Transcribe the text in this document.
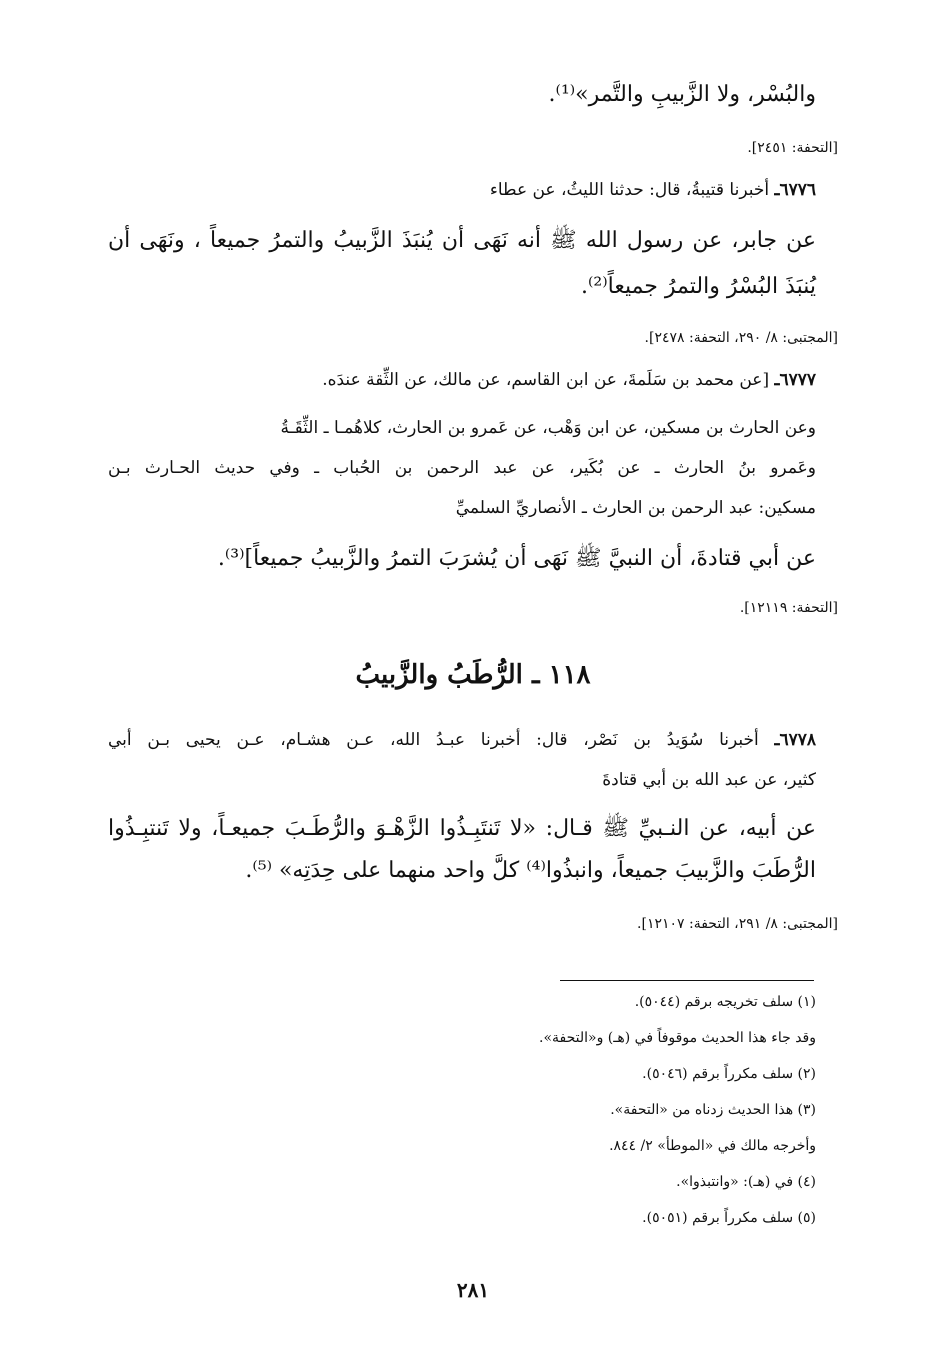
والبُسْر، ولا الزَّبيبِ والتَّمر»⁽¹⁾.
[التحفة: ٢٤٥١].
٦٧٧٦ـ أخبرنا قتيبةُ، قال: حدثنا الليثُ، عن عطاء
عن جابر، عن رسول الله ﷺ أنه نَهَى أن يُنبَذَ الزَّبيبُ والتمرُ جميعاً ، ونَهَى أن
يُنبَذَ البُسْرُ والتمرُ جميعاً⁽²⁾.
[المجتبى: ٨/ ٢٩٠، التحفة: ٢٤٧٨].
٦٧٧٧ـ [عن محمد بن سَلَمةَ، عن ابن القاسم، عن مالك، عن الثِّقة عندَه.
وعن الحارث بن مسكين، عن ابن وَهْب، عن عَمرو بن الحارث، كلاهُمـا ـ الثِّقَـةُ
وعَمرو بنُ الحارث ـ عن بُكَير، عن عبد الرحمن بن الحُباب ـ وفي حديث الحـارث بـن
مسكين: عبد الرحمن بن الحارث ـ الأنصاريِّ السلميِّ
عن أبي قتادةَ، أن النبيَّ ﷺ نَهَى أن يُشرَبَ التمرُ والزَّبيبُ جميعاً]⁽³⁾.
[التحفة: ١٢١١٩].
١١٨ ـ الرُّطَبُ والزَّبيبُ
٦٧٧٨ـ أخبرنا سُوَيدُ بن نَصْر، قال: أخبرنا عبـدُ الله، عـن هشـام، عـن يحيى بـن أبي
كثير، عن عبد الله بن أبي قتادةَ
عن أبيه، عن النـبيِّ ﷺ قـال: «لا تَنتَبِـذُوا الزَّهْـوَ والرُّطَـبَ جميعـاً، ولا تَنتبِـذُوا
الرُّطَبَ والزَّبيبَ جميعاً، وانبذُوا⁽⁴⁾ كلَّ واحد منهما على حِدَتِه» ⁽⁵⁾.
[المجتبى: ٨/ ٢٩١، التحفة: ١٢١٠٧].
(١) سلف تخريجه برقم (٥٠٤٤).
وقد جاء هذا الحديث موقوفاً في (هـ) و«التحفة».
(٢) سلف مكرراً برقم (٥٠٤٦).
(٣) هذا الحديث زدناه من «التحفة».
وأخرجه مالك في «الموطأ» ٢/ ٨٤٤.
(٤) في (هـ): «وانتبذوا».
(٥) سلف مكرراً برقم (٥٠٥١).
٢٨١
